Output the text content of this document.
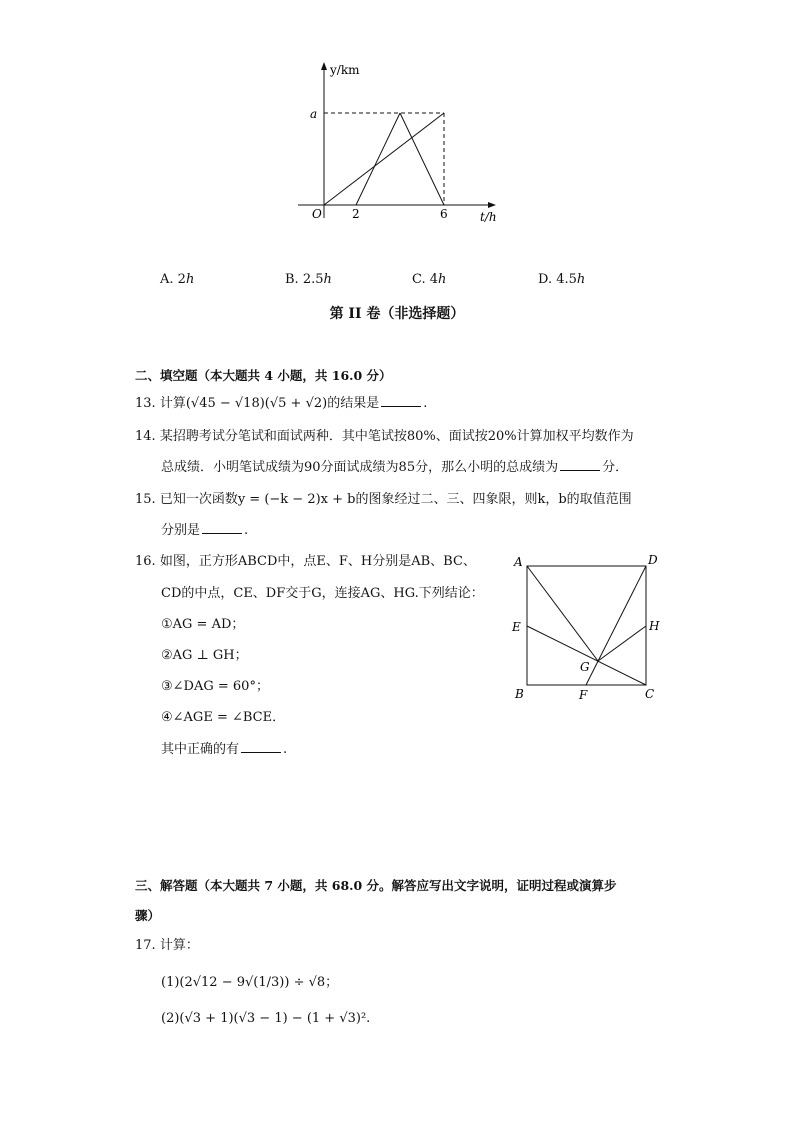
y/km
a
O	2	6	t/h
A. 2h	B. 2.5h	C. 4h	D. 4.5h
第 II 卷（非选择题）
二、填空题（本大题共 4 小题，共 16.0 分）
13. 计算(√45 − √18)(√5 + √2)的结果是	.
14. 某招聘考试分笔试和面试两种．其中笔试按80%、面试按20%计算加权平均数作为
总成绩．小明笔试成绩为90分面试成绩为85分，那么小明的总成绩为	分．
15. 已知一次函数y = (−k − 2)x + b的图象经过二、三、四象限，则k，b的取值范围
分别是	.
16. 如图，正方形ABCD中，点E、F、H分别是AB、BC、
CD的中点，CE、DF交于G，连接AG、HG.下列结论：
①AG = AD；
②AG ⊥ GH；
③∠DAG = 60°；
④∠AGE = ∠BCE．
其中正确的有	.
A	D
E	H
G
B	F	C
三、解答题（本大题共 7 小题，共 68.0 分。解答应写出文字说明，证明过程或演算步
骤）
17. 计算：
(1)(2√12 − 9√(1/3)) ÷ √8；
(2)(√3 + 1)(√3 − 1) − (1 + √3)².
